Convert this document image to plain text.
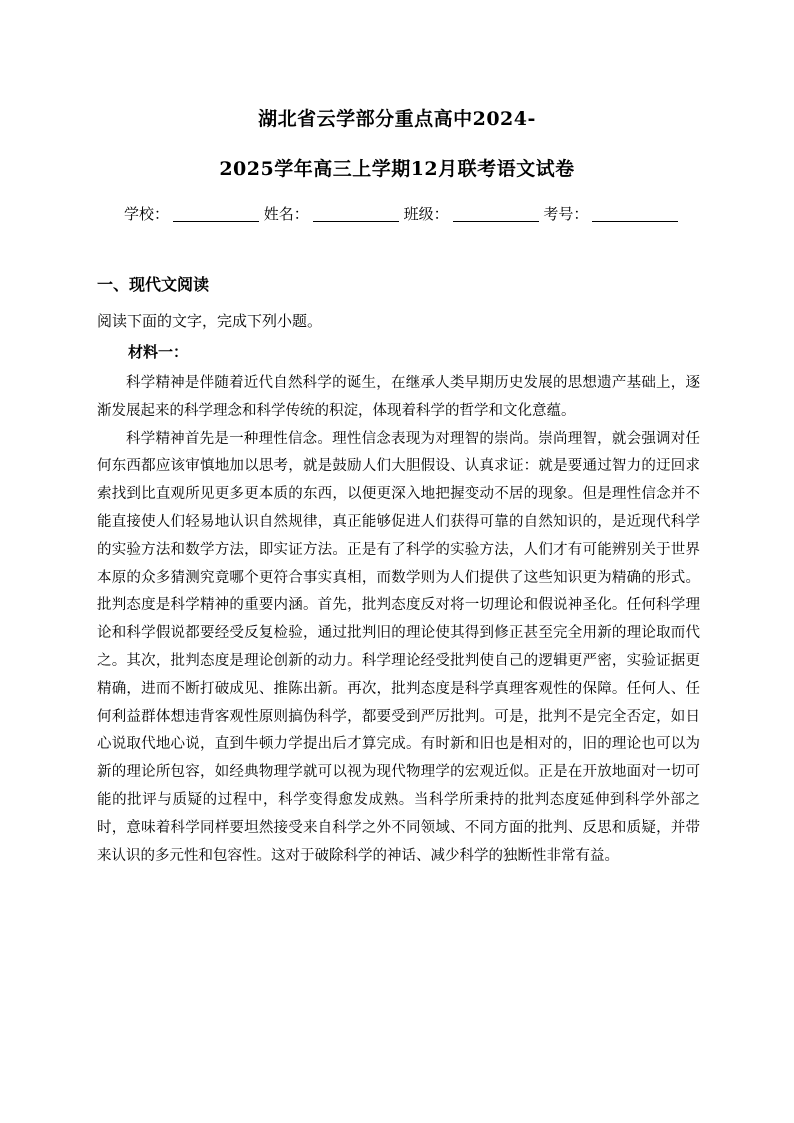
湖北省云学部分重点高中2024-
2025学年高三上学期12月联考语文试卷
学校：	姓名：	班级：	考号：
一、现代文阅读
阅读下面的文字，完成下列小题。
材料一：

科学精神是伴随着近代自然科学的诞生，在继承人类早期历史发展的思想遗产基础上，逐渐发展起来的科学理念和科学传统的积淀，体现着科学的哲学和文化意蕴。

科学精神首先是一种理性信念。理性信念表现为对理智的崇尚。崇尚理智，就会强调对任何东西都应该审慎地加以思考，就是鼓励人们大胆假设、认真求证：就是要通过智力的迂回求索找到比直观所见更多更本质的东西，以便更深入地把握变动不居的现象。但是理性信念并不能直接使人们轻易地认识自然规律，真正能够促进人们获得可靠的自然知识的，是近现代科学的实验方法和数学方法，即实证方法。正是有了科学的实验方法，人们才有可能辨别关于世界本原的众多猜测究竟哪个更符合事实真相，而数学则为人们提供了这些知识更为精确的形式。批判态度是科学精神的重要内涵。首先，批判态度反对将一切理论和假说神圣化。任何科学理论和科学假说都要经受反复检验，通过批判旧的理论使其得到修正甚至完全用新的理论取而代之。其次，批判态度是理论创新的动力。科学理论经受批判使自己的逻辑更严密，实验证据更精确，进而不断打破成见、推陈出新。再次，批判态度是科学真理客观性的保障。任何人、任何利益群体想违背客观性原则搞伪科学，都要受到严厉批判。可是，批判不是完全否定，如日心说取代地心说，直到牛顿力学提出后才算完成。有时新和旧也是相对的，旧的理论也可以为新的理论所包容，如经典物理学就可以视为现代物理学的宏观近似。正是在开放地面对一切可能的批评与质疑的过程中，科学变得愈发成熟。当科学所秉持的批判态度延伸到科学外部之时，意味着科学同样要坦然接受来自科学之外不同领域、不同方面的批判、反思和质疑，并带来认识的多元性和包容性。这对于破除科学的神话、减少科学的独断性非常有益。
